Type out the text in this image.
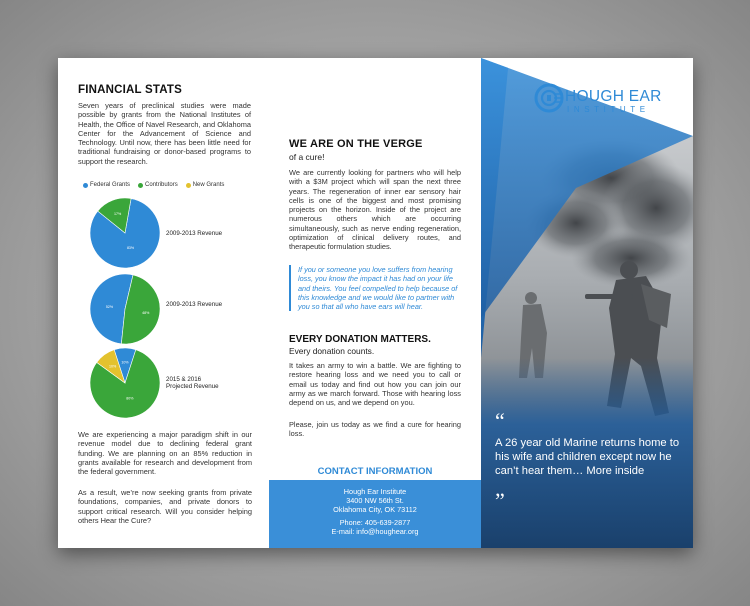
FINANCIAL STATS
Seven years of preclinical studies were made possible by grants from the National Institutes of Health, the Office of Navel Research, and Oklahoma Center for the Advancement of Science and Technology. Until now, there has been little need for traditional fundraising or donor-based programs to support the research.
Federal Grants	Contributors	New Grants
83%
17%
2009-2013 Revenue
52%
48%
2009-2013 Revenue
10%
80%
10%
2015 & 2016
Projected Revenue
We are experiencing a major paradigm shift in our revenue model due to declining federal grant funding. We are planning on an 85% reduction in grants available for research and development from the federal government.
As a result, we’re now seeking grants from private foundations, companies, and private donors to support critical research. Will you consider helping others Hear the Cure?
WE ARE ON THE VERGE
of a cure!
We are currently looking for partners who will help with a $3M project which will span the next three years. The regeneration of inner ear sensory hair cells is one of the biggest and most promising projects on the horizon. Inside of the project are numerous others which are occurring simultaneously, such as nerve ending regeneration, optimization of clinical delivery routes, and therapeutic formulation studies.
If you or someone you love suffers from hearing loss, you know the impact it has had on your life and theirs. You feel compelled to help because of this knowledge and we would like to partner with you so that all who have ears will hear.
EVERY DONATION MATTERS.
Every donation counts.
It takes an army to win a battle. We are fighting to restore hearing loss and we need you to call or email us today and find out how you can join our army as we march forward. Those with hearing loss depend on us, and we depend on you.
Please, join us today as we find a cure for hearing loss.
CONTACT INFORMATION
Hough Ear Institute
3400 NW 56th St.
Oklahoma City, OK 73112
Phone: 405-639-2877
E-mail: info@houghear.org
HOUGH EAR
INSTITUTE
“
A 26 year old Marine returns home to his wife and children except now he can’t hear them… More inside
”
